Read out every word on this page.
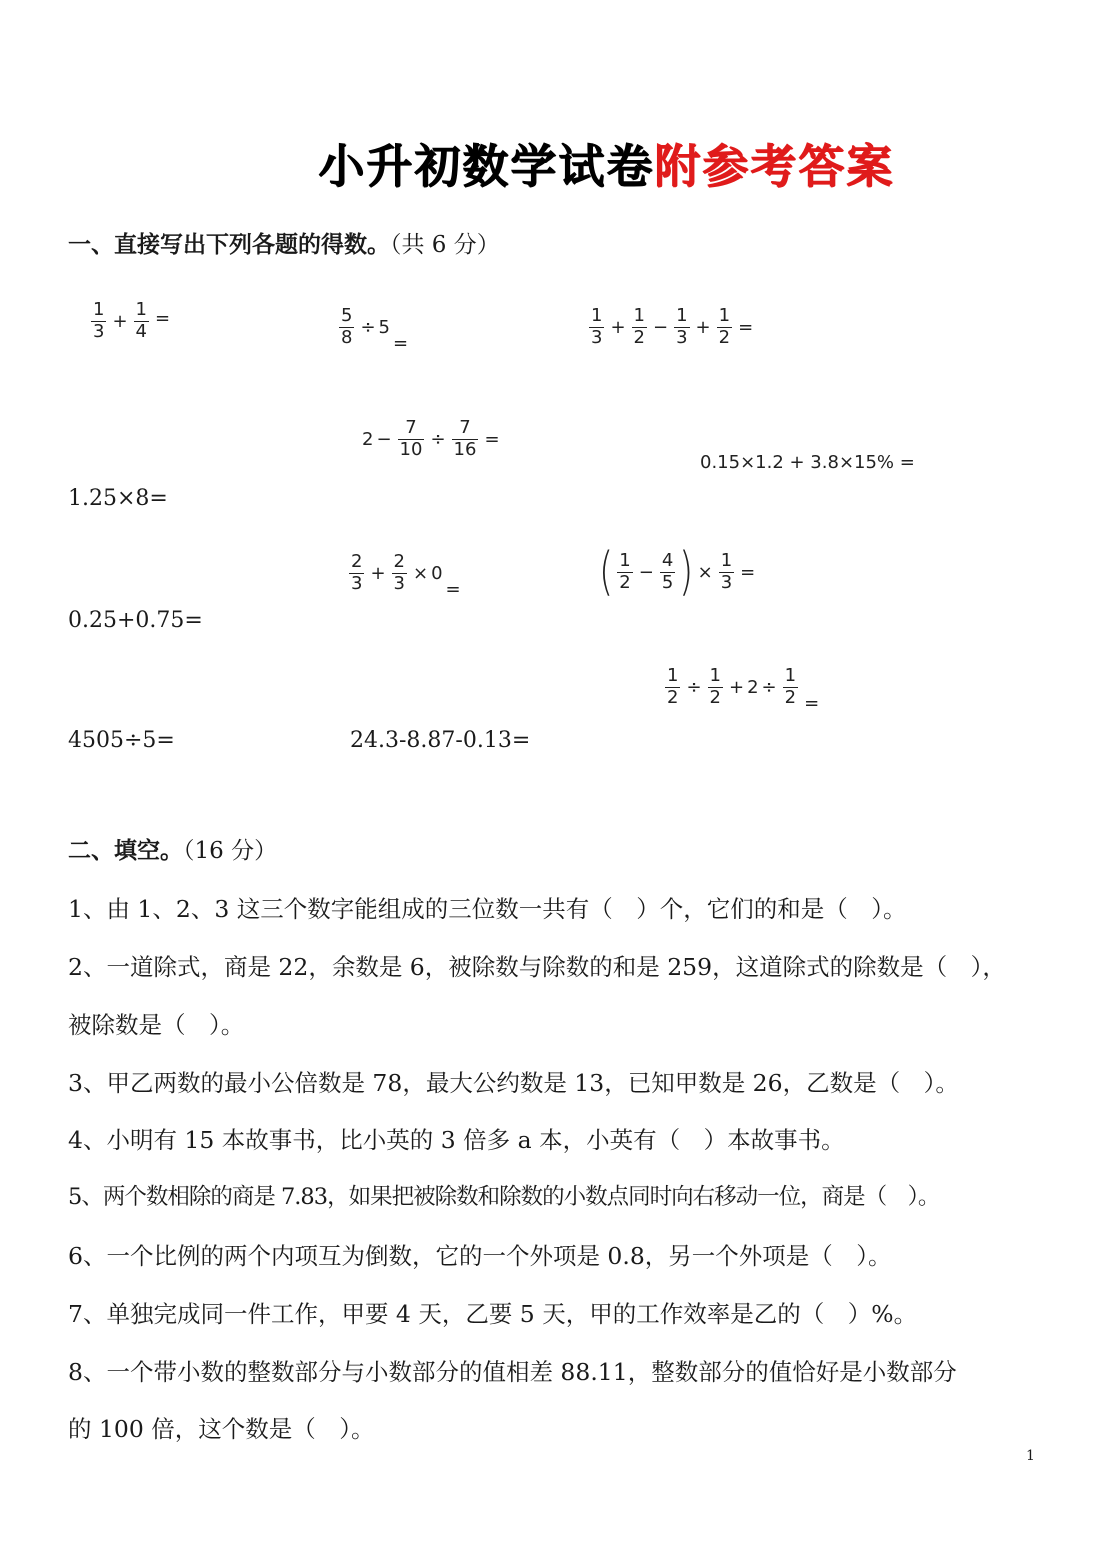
小升初数学试卷附参考答案
一、直接写出下列各题的得数。（共 6 分）
$\frac{1}{3} + \frac{1}{4}$ =	$\frac{5}{8} \div 5$
=	$\frac{1}{3} + \frac{1}{2} - \frac{1}{3} + \frac{1}{2}$ =
$2 - \frac{7}{10} \div \frac{7}{16}$ =
0.15×1.2 + 3.8×15% =
1.25×8=
$\frac{2}{3} + \frac{2}{3} \times 0$
=	( $\frac{1}{2} - \frac{4}{5}$ ) × $\frac{1}{3}$ =
0.25+0.75=
$\frac{1}{2} \div \frac{1}{2} + 2 \div \frac{1}{2}$ =
4505÷5=	24.3-8.87-0.13=
二、填空。（16 分）
1、由 1、2、3 这三个数字能组成的三位数一共有（　）个，它们的和是（　）。
2、一道除式，商是 22，余数是 6，被除数与除数的和是 259，这道除式的除数是（　），
被除数是（　）。
3、甲乙两数的最小公倍数是 78，最大公约数是 13，已知甲数是 26，乙数是（　）。
4、小明有 15 本故事书，比小英的 3 倍多 a 本，小英有（　）本故事书。
5、两个数相除的商是 7.83，如果把被除数和除数的小数点同时向右移动一位，商是（　）。
6、一个比例的两个内项互为倒数，它的一个外项是 0.8，另一个外项是（　）。
7、单独完成同一件工作，甲要 4 天，乙要 5 天，甲的工作效率是乙的（　）%。
8、一个带小数的整数部分与小数部分的值相差 88.11，整数部分的值恰好是小数部分
的 100 倍，这个数是（　）。
1
